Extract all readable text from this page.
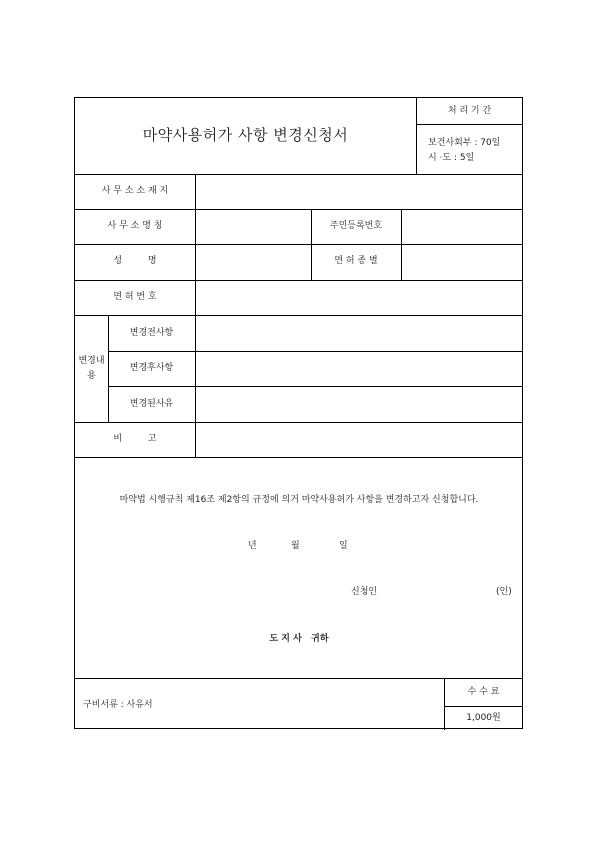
마약사용허가 사항 변경신청서
처 리 기 간
보건사회부 : 70일
시 ·도 : 5일
사 무 소 소 재 지
사 무 소 명 칭	주민등록번호
성         명	면 허 종 별
면 허 번 호
변경내
용
변경전사항
변경후사항
변경된사유
비         고
마약법 시행규칙 제16조 제2항의 규정에 의거 마약사용허가 사항을 변경하고자 신청합니다.
년	월	일
신청인	(인)
도 지 사   귀하
구비서류 : 사유서
수 수 료
1,000원
